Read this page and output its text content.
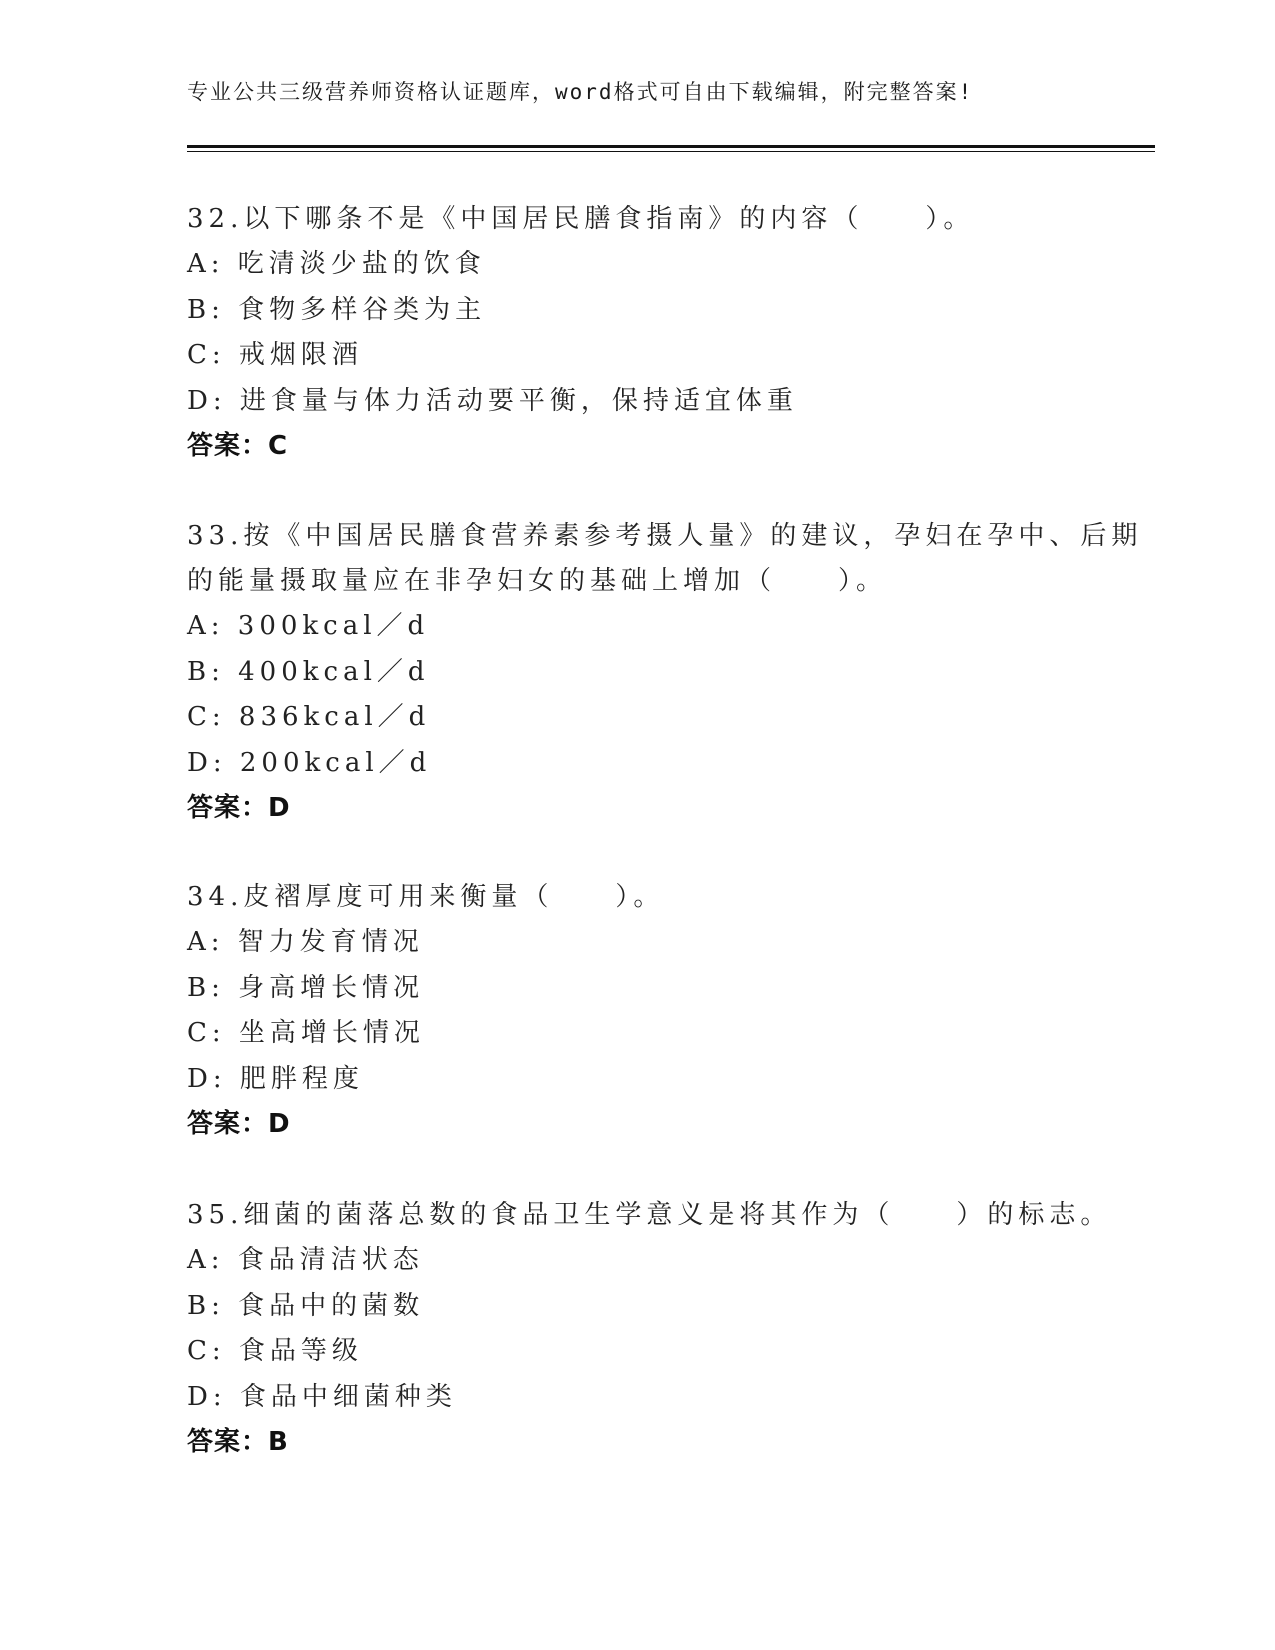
专业公共三级营养师资格认证题库，word格式可自由下载编辑，附完整答案!
32.以下哪条不是《中国居民膳食指南》的内容（　　）。
A: 吃清淡少盐的饮食
B: 食物多样谷类为主
C: 戒烟限酒
D: 进食量与体力活动要平衡，保持适宜体重
答案：C
33.按《中国居民膳食营养素参考摄人量》的建议，孕妇在孕中、后期
的能量摄取量应在非孕妇女的基础上增加（　　）。
A: 300kcal／d
B: 400kcal／d
C: 836kcal／d
D: 200kcal／d
答案：D
34.皮褶厚度可用来衡量（　　）。
A: 智力发育情况
B: 身高增长情况
C: 坐高增长情况
D: 肥胖程度
答案：D
35.细菌的菌落总数的食品卫生学意义是将其作为（　　）的标志。
A: 食品清洁状态
B: 食品中的菌数
C: 食品等级
D: 食品中细菌种类
答案：B
